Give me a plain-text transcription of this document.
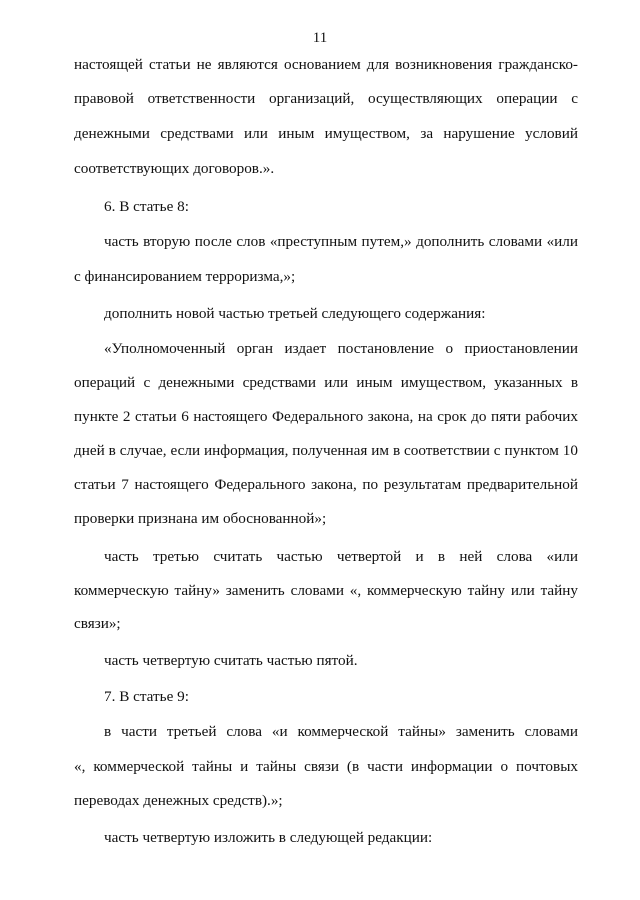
11
настоящей статьи не являются основанием для возникновения гражданско-
правовой ответственности организаций, осуществляющих операции с
денежными средствами или иным имуществом, за нарушение условий
соответствующих договоров.».
6. В статье 8:
часть вторую после слов «преступным путем,» дополнить словами «или
с финансированием терроризма,»;
дополнить новой частью третьей следующего содержания:
«Уполномоченный орган издает постановление о приостановлении
операций с денежными средствами или иным имуществом, указанных в
пункте 2 статьи 6 настоящего Федерального закона, на срок до пяти рабочих
дней в случае, если информация, полученная им в соответствии с пунктом 10
статьи 7 настоящего Федерального закона, по результатам предварительной
проверки признана им обоснованной»;
часть третью считать частью четвертой и в ней слова «или
коммерческую тайну» заменить словами «, коммерческую тайну или тайну
связи»;
часть четвертую считать частью пятой.
7. В статье 9:
в части третьей слова «и коммерческой тайны» заменить словами
«, коммерческой тайны и тайны связи (в части информации о почтовых
переводах денежных средств).»;
часть четвертую изложить в следующей редакции:
